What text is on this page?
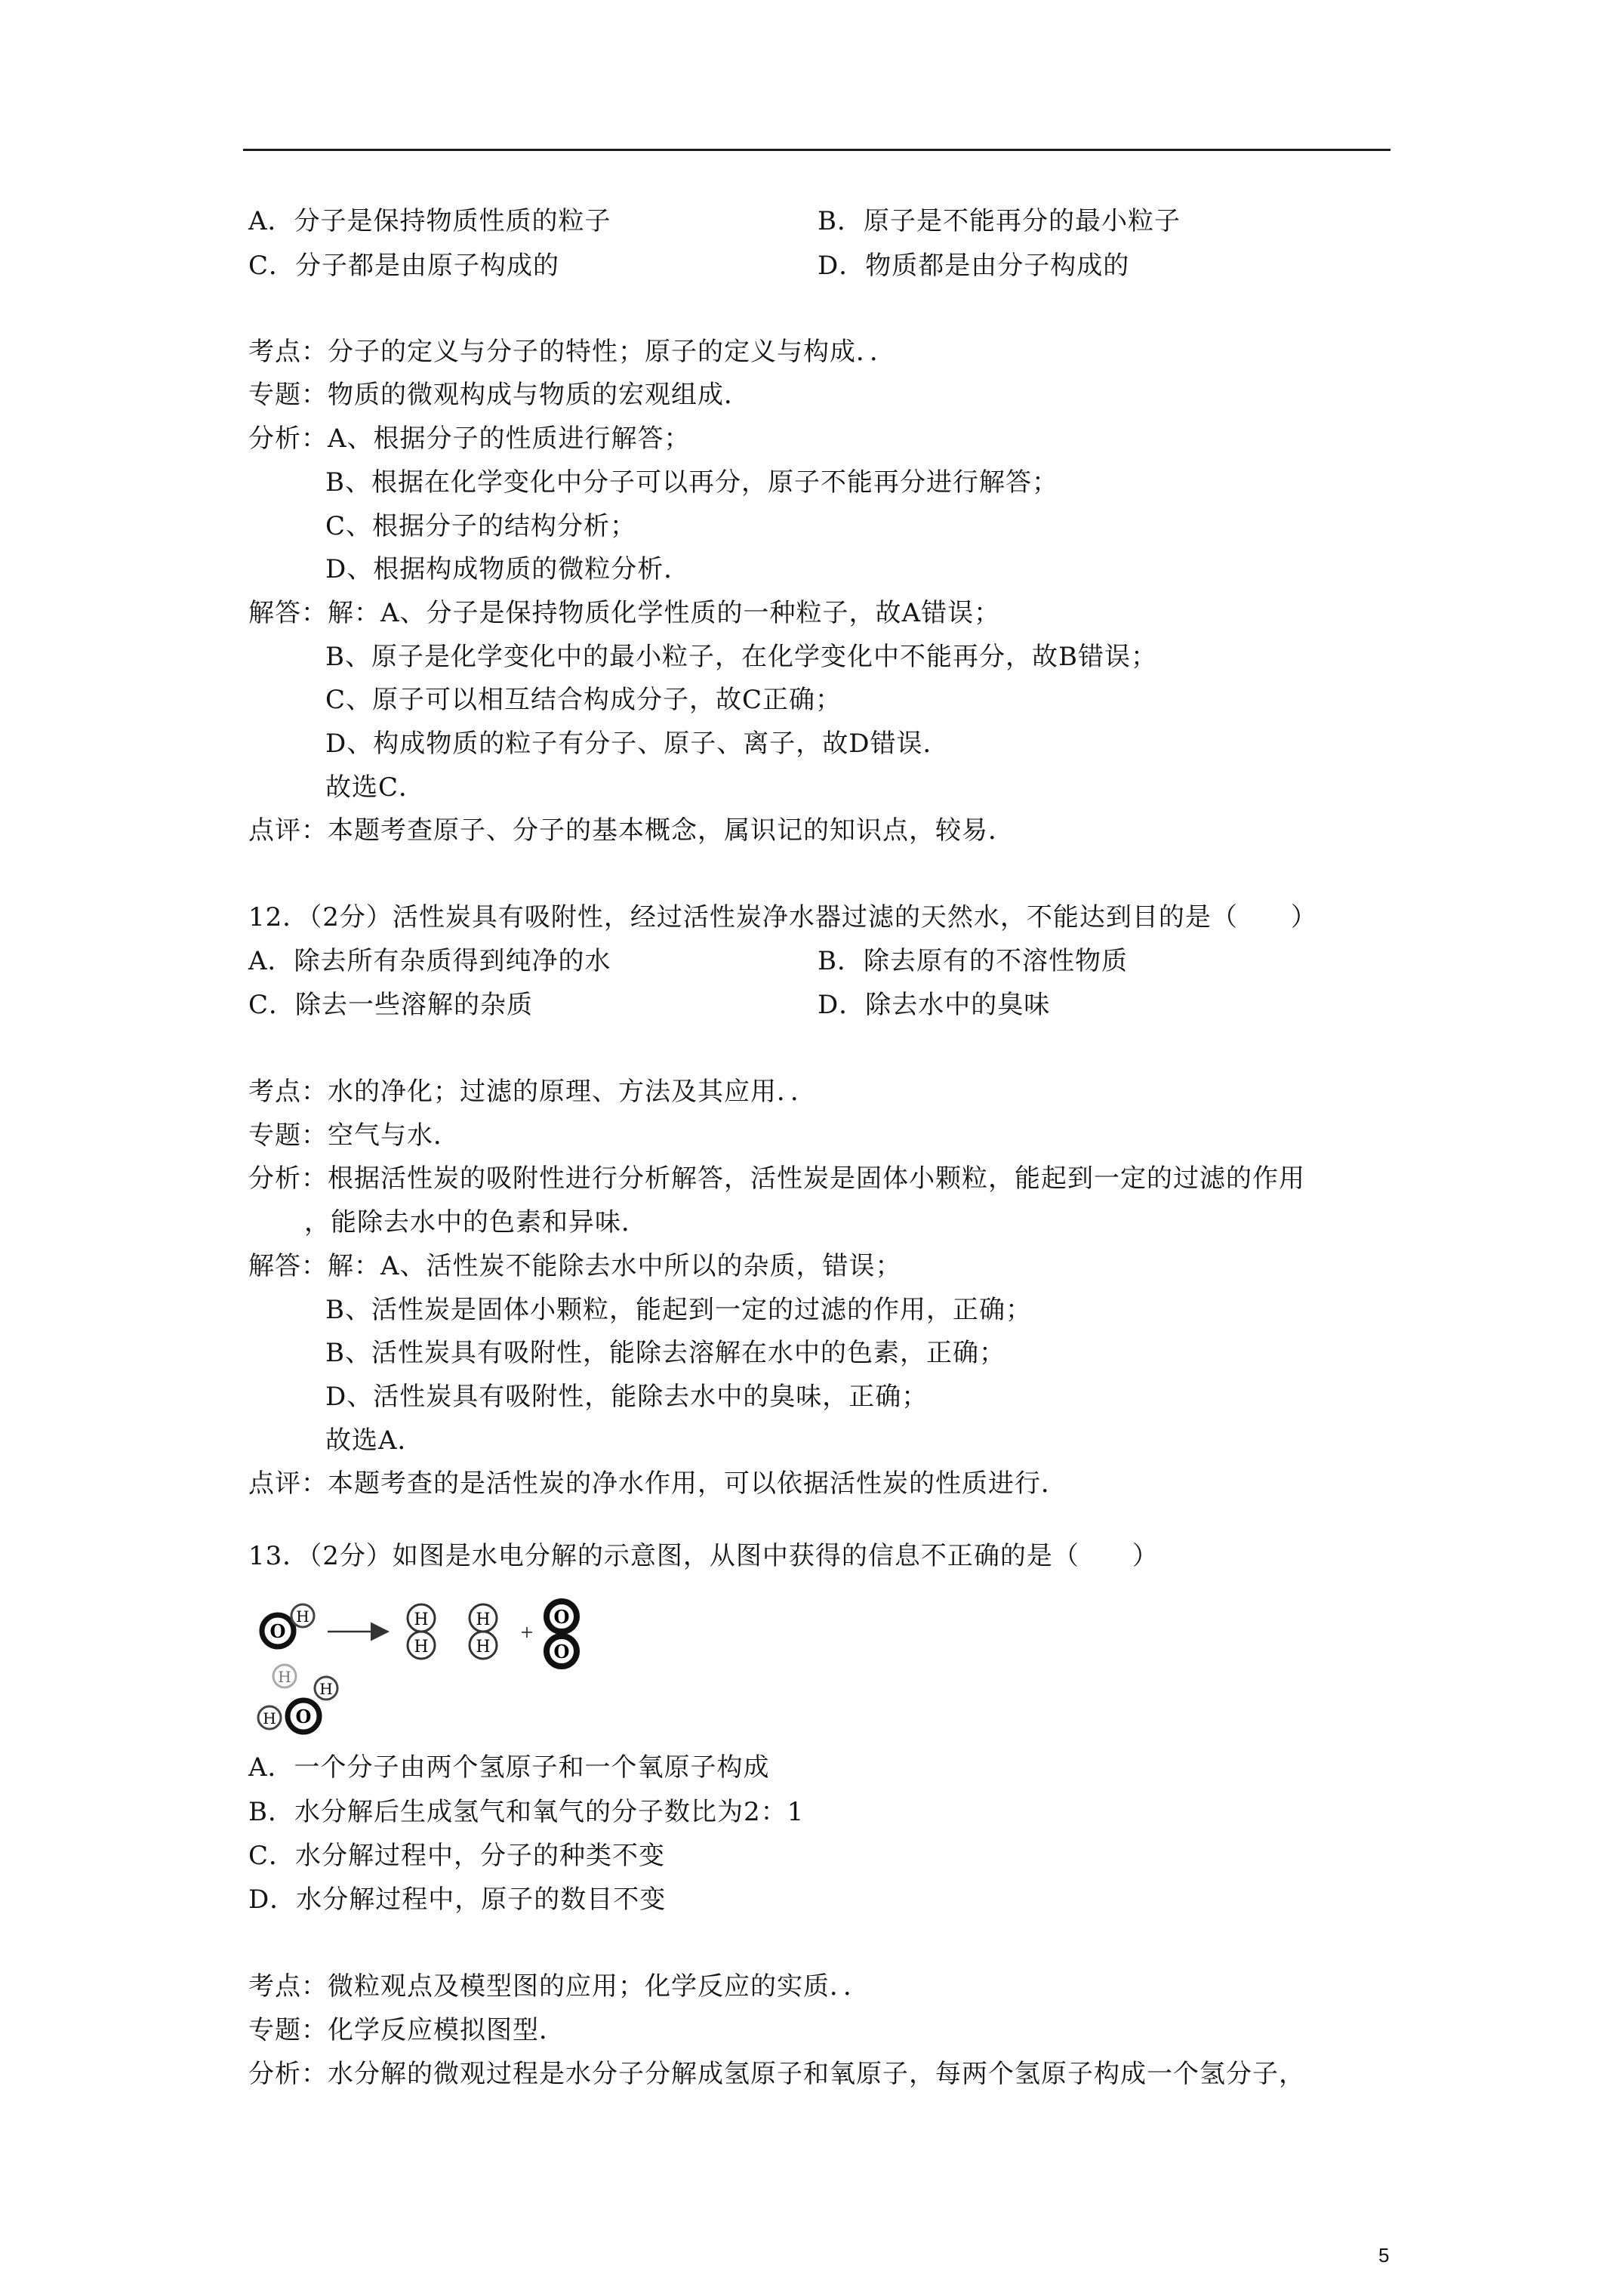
A．分子是保持物质性质的粒子	B．原子是不能再分的最小粒子
C．分子都是由原子构成的	D．物质都是由分子构成的
考点：分子的定义与分子的特性；原子的定义与构成．．
专题：物质的微观构成与物质的宏观组成．
分析：A、根据分子的性质进行解答；
B、根据在化学变化中分子可以再分，原子不能再分进行解答；
C、根据分子的结构分析；
D、根据构成物质的微粒分析．
解答：解：A、分子是保持物质化学性质的一种粒子，故A错误；
B、原子是化学变化中的最小粒子，在化学变化中不能再分，故B错误；
C、原子可以相互结合构成分子，故C正确；
D、构成物质的粒子有分子、原子、离子，故D错误．
故选C．
点评：本题考查原子、分子的基本概念，属识记的知识点，较易．
12．（2分）活性炭具有吸附性，经过活性炭净水器过滤的天然水，不能达到目的是（　　）
A．除去所有杂质得到纯净的水	B．除去原有的不溶性物质
C．除去一些溶解的杂质	D．除去水中的臭味
考点：水的净化；过滤的原理、方法及其应用．．
专题：空气与水．
分析：根据活性炭的吸附性进行分析解答，活性炭是固体小颗粒，能起到一定的过滤的作用
，能除去水中的色素和异味．
解答：解：A、活性炭不能除去水中所以的杂质，错误；
B、活性炭是固体小颗粒，能起到一定的过滤的作用，正确；
B、活性炭具有吸附性，能除去溶解在水中的色素，正确；
D、活性炭具有吸附性，能除去水中的臭味，正确；
故选A．
点评：本题考查的是活性炭的净水作用，可以依据活性炭的性质进行．
13．（2分）如图是水电分解的示意图，从图中获得的信息不正确的是（　　）
O
H
H
H
H O
H
H
H
H
+
O
O
A．一个分子由两个氢原子和一个氧原子构成
B．水分解后生成氢气和氧气的分子数比为2：1
C．水分解过程中，分子的种类不变
D．水分解过程中，原子的数目不变
考点：微粒观点及模型图的应用；化学反应的实质．．
专题：化学反应模拟图型．
分析：水分解的微观过程是水分子分解成氢原子和氧原子，每两个氢原子构成一个氢分子，
5
